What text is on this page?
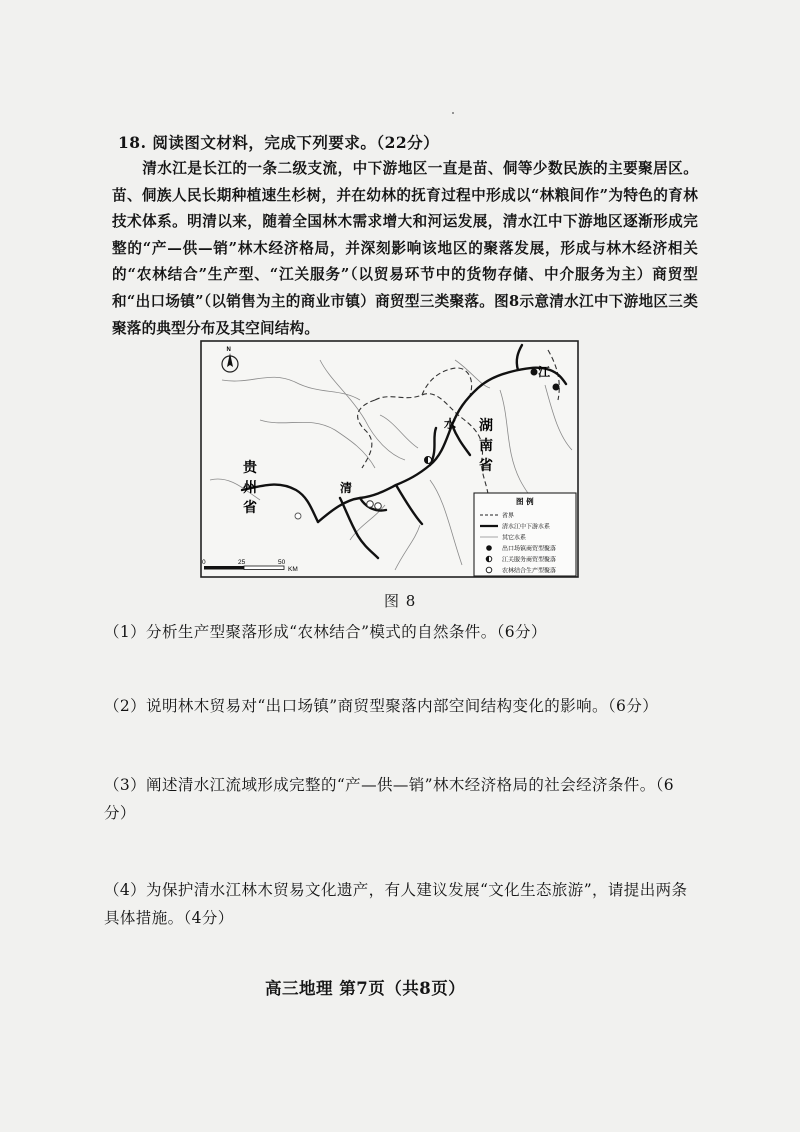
18. 阅读图文材料，完成下列要求。（22分）
清水江是长江的一条二级支流，中下游地区一直是苗、侗等少数民族的主要聚居区。苗、侗族人民长期种植速生杉树，并在幼林的抚育过程中形成以“林粮间作”为特色的育林技术体系。明清以来，随着全国林木需求增大和河运发展，清水江中下游地区逐渐形成完整的“产—供—销”林木经济格局，并深刻影响该地区的聚落发展，形成与林木经济相关的“农林结合”生产型、“江关服务”（以贸易环节中的货物存储、中介服务为主）商贸型和“出口场镇”（以销售为主的商业市镇）商贸型三类聚落。图8示意清水江中下游地区三类聚落的典型分布及其空间结构。
N
贵
州
省
湖
南
省
清
水
江
0	25	50
KM
图 例
省界
清水江中下游水系
其它水系
出口场镇商贸型聚落
江关服务商贸型聚落
农林结合生产型聚落
图 8
（1）分析生产型聚落形成“农林结合”模式的自然条件。（6分）
（2）说明林木贸易对“出口场镇”商贸型聚落内部空间结构变化的影响。（6分）
（3）阐述清水江流域形成完整的“产—供—销”林木经济格局的社会经济条件。（6分）
（4）为保护清水江林木贸易文化遗产，有人建议发展“文化生态旅游”，请提出两条具体措施。（4分）
高三地理 第7页（共8页）
